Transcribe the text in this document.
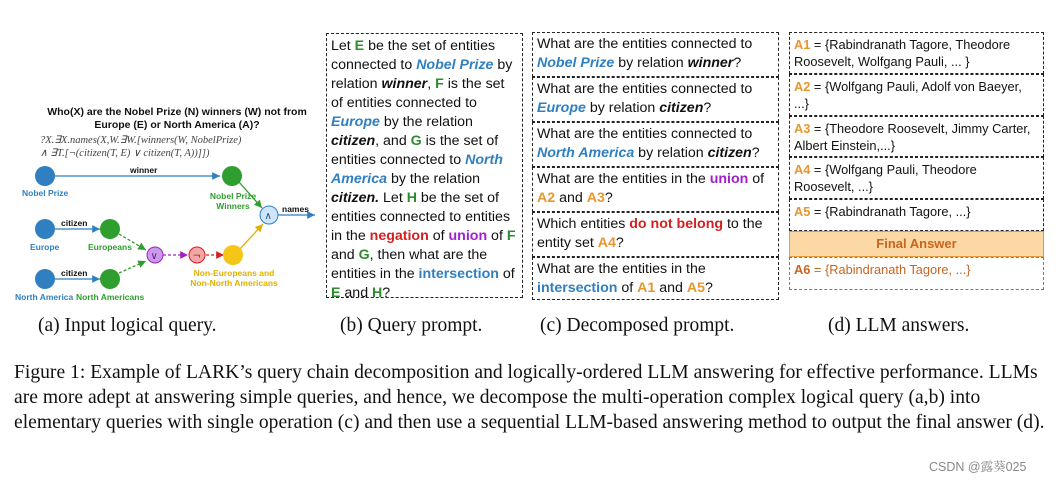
Who(X) are the Nobel Prize (N) winners (W) not from Europe (E) or North America (A)?
?X.∃X.names(X,W.∃W.[winners(W, NobelPrize)
∧ ∃T.[¬(citizen(T, E) ∨ citizen(T, A))]])
winner
citizen
citizen
names
∨	¬
∧
Nobel Prize
Europe
North America
Europeans
North Americans
Nobel Prize Winners
Non-Europeans and Non-North Americans
Let E be the set of entities connected to Nobel Prize by relation winner, F is the set of entities connected to Europe by the relation citizen, and G is the set of entities connected to North America by the relation citizen. Let H be the set of entities connected to entities in the negation of union of F and G, then what are the entities in the intersection of E and H?
What are the entities connected to Nobel Prize by relation winner?
What are the entities connected to Europe by relation citizen?
What are the entities connected to North America by relation citizen?
What are the entities in the union of A2 and A3?
Which entities do not belong to the entity set A4?
What are the entities in the intersection of A1 and A5?
A1 = {Rabindranath Tagore, Theodore Roosevelt, Wolfgang Pauli, ... }
A2 = {Wolfgang Pauli, Adolf von Baeyer, ...}
A3 = {Theodore Roosevelt, Jimmy Carter, Albert Einstein,...}
A4 = {Wolfgang Pauli, Theodore Roosevelt, ...}
A5 = {Rabindranath Tagore, ...}
Final Answer
A6 = {Rabindranath Tagore, ...}
(a) Input logical query.	(b) Query prompt.	(c) Decomposed prompt.	(d) LLM answers.
Figure 1: Example of LARK’s query chain decomposition and logically-ordered LLM answering for effective performance. LLMs are more adept at answering simple queries, and hence, we decompose the multi-operation complex logical query (a,b) into elementary queries with single operation (c) and then use a sequential LLM-based answering method to output the final answer (d).
CSDN @露葵025
